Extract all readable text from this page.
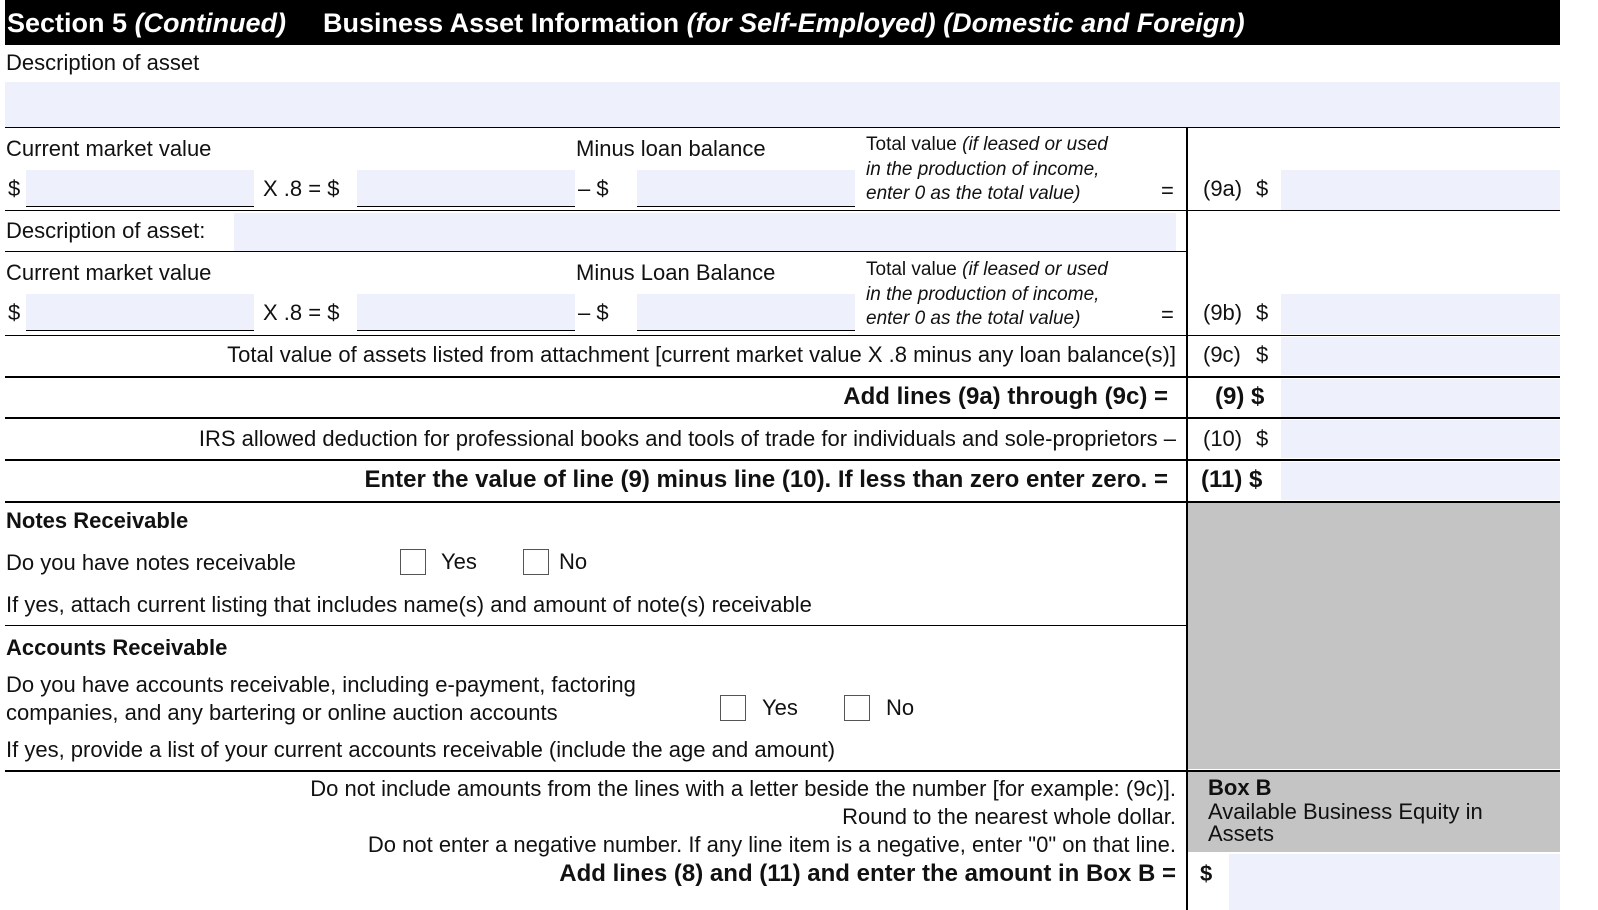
Section 5 (Continued) Business Asset Information (for Self-Employed) (Domestic and Foreign)
Description of asset
Current market value
$	X .8 = $
Minus loan balance
– $
Total value (if leased or used
in the production of income,
enter 0 as the total value)	= (9a) $
Description of asset:
Current market value
$	X .8 = $
Minus Loan Balance
– $
Total value (if leased or used
in the production of income,
enter 0 as the total value)	= (9b) $
Total value of assets listed from attachment [current market value X .8 minus any loan balance(s)] (9c) $
Add lines (9a) through (9c) = (9) $
IRS allowed deduction for professional books and tools of trade for individuals and sole-proprietors – (10) $
Enter the value of line (9) minus line (10). If less than zero enter zero. = (11) $
Notes Receivable
Do you have notes receivable	Yes	No
If yes, attach current listing that includes name(s) and amount of note(s) receivable
Accounts Receivable
Do you have accounts receivable, including e-payment, factoring
companies, and any bartering or online auction accounts	Yes	No
If yes, provide a list of your current accounts receivable (include the age and amount)
Do not include amounts from the lines with a letter beside the number [for example: (9c)].
Round to the nearest whole dollar.
Do not enter a negative number. If any line item is a negative, enter "0" on that line.
Add lines (8) and (11) and enter the amount in Box B =
Box B
Available Business Equity in
Assets
$
